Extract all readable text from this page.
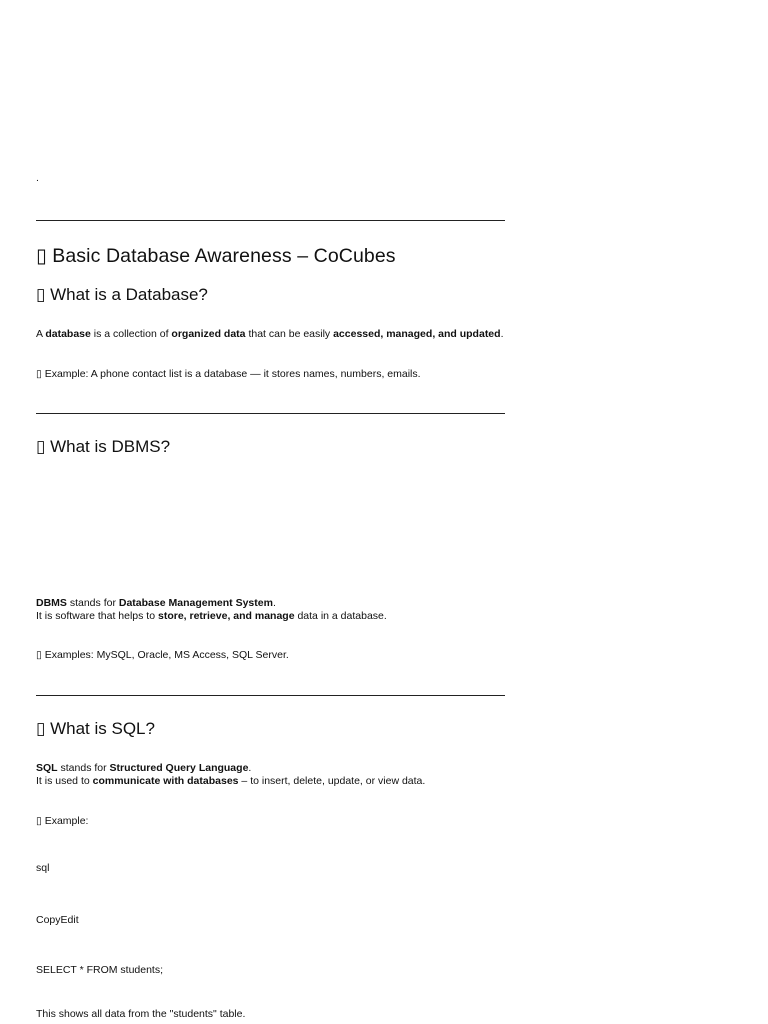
.

▯ Basic Database Awareness – CoCubes
▯ What is a Database?

A database is a collection of organized data that can be easily accessed, managed, and updated.

▯ Example: A phone contact list is a database — it stores names, numbers, emails.

▯ What is DBMS?

DBMS stands for Database Management System.
It is software that helps to store, retrieve, and manage data in a database.

▯ Examples: MySQL, Oracle, MS Access, SQL Server.

▯ What is SQL?

SQL stands for Structured Query Language.
It is used to communicate with databases – to insert, delete, update, or view data.

▯ Example:

sql

CopyEdit

SELECT * FROM students;

This shows all data from the "students" table.
